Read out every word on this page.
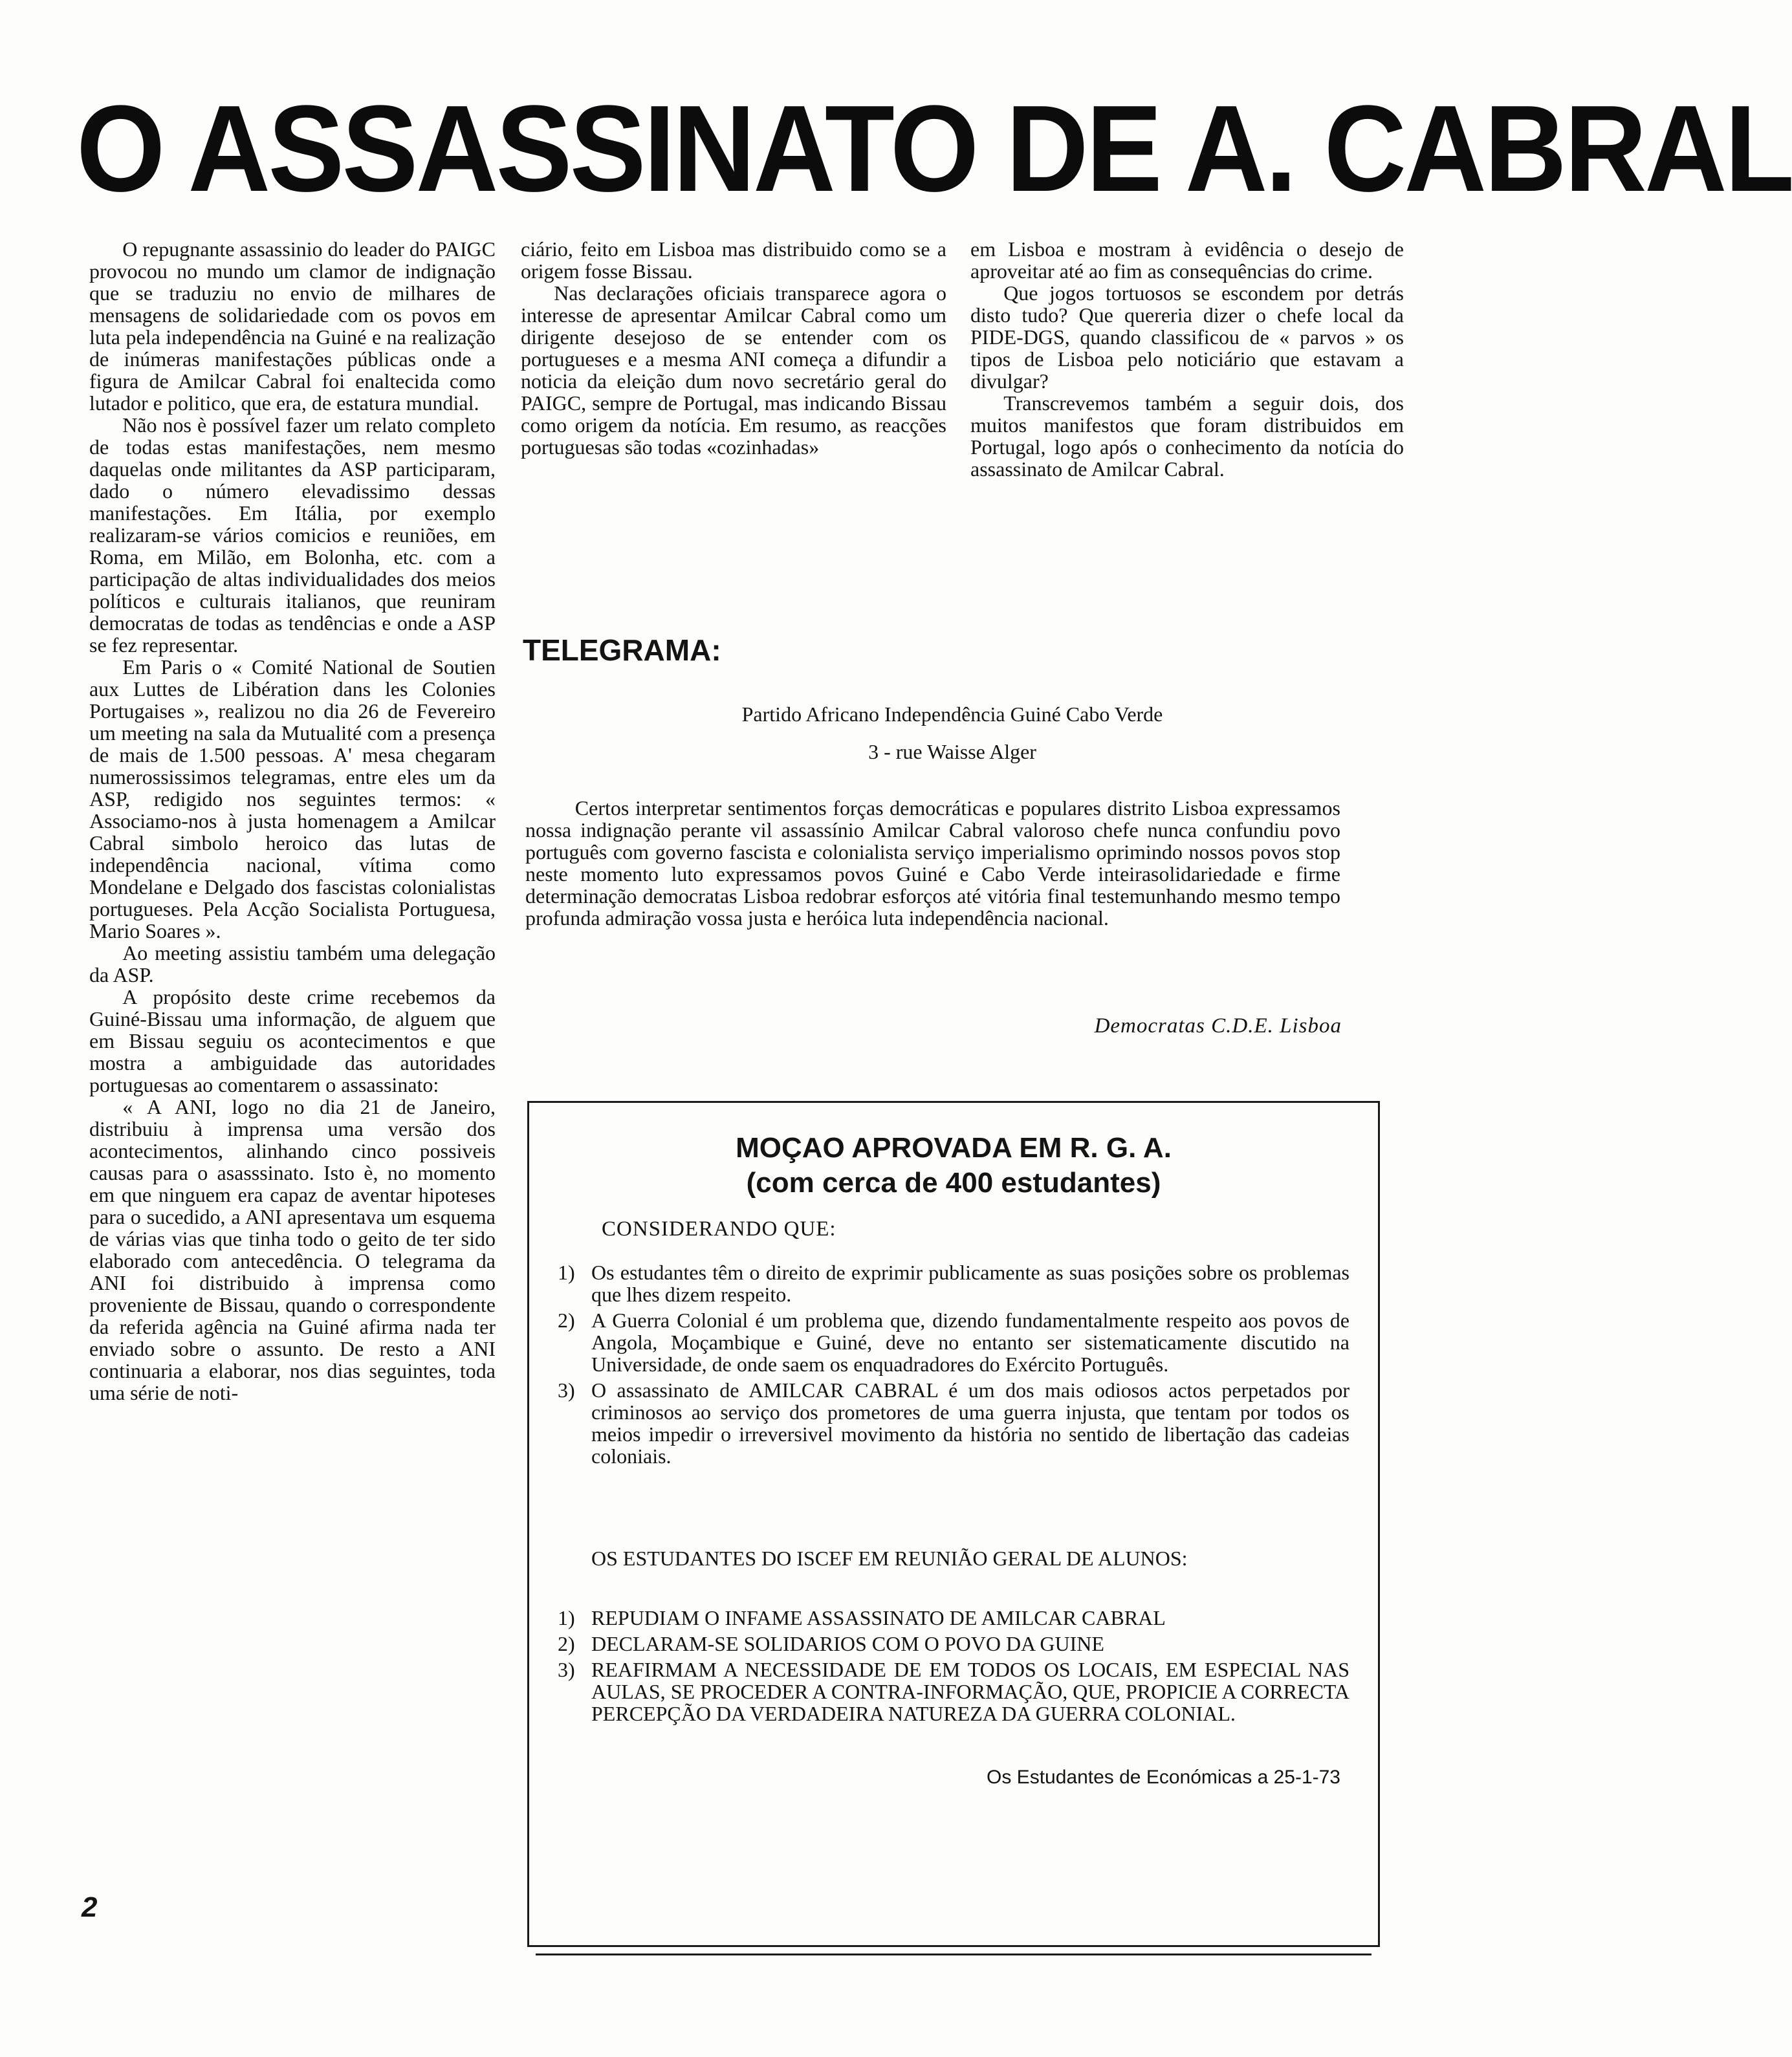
O ASSASSINATO DE A. CABRAL

O repugnante assassinio do leader do PAIGC provocou no mundo um clamor de indignação que se traduziu no envio de milhares de mensagens de solidariedade com os povos em luta pela independência na Guiné e na realização de inúmeras manifestações públicas onde a figura de Amilcar Cabral foi enaltecida como lutador e politico, que era, de estatura mundial.

Não nos è possível fazer um relato completo de todas estas manifestações, nem mesmo daquelas onde militantes da ASP participaram, dado o número elevadissimo dessas manifestações. Em Itália, por exemplo realizaram-se vários comicios e reuniões, em Roma, em Milão, em Bolonha, etc. com a participação de altas individualidades dos meios políticos e culturais italianos, que reuniram democratas de todas as tendências e onde a ASP se fez representar.

Em Paris o « Comité National de Soutien aux Luttes de Libération dans les Colonies Portugaises », realizou no dia 26 de Fevereiro um meeting na sala da Mutualité com a presença de mais de 1.500 pessoas. A' mesa chegaram numerossissimos telegramas, entre eles um da ASP, redigido nos seguintes termos: « Associamo-nos à justa homenagem a Amilcar Cabral simbolo heroico das lutas de independência nacional, vítima como Mondelane e Delgado dos fascistas colonialistas portugueses. Pela Acção Socialista Portuguesa, Mario Soares ».

Ao meeting assistiu também uma delegação da ASP.

A propósito deste crime recebemos da Guiné-Bissau uma informação, de alguem que em Bissau seguiu os acontecimentos e que mostra a ambiguidade das autoridades portuguesas ao comentarem o assassinato:

« A ANI, logo no dia 21 de Janeiro, distribuiu à imprensa uma versão dos acontecimentos, alinhando cinco possiveis causas para o asasssinato. Isto è, no momento em que ninguem era capaz de aventar hipoteses para o sucedido, a ANI apresentava um esquema de várias vias que tinha todo o geito de ter sido elaborado com antecedência. O telegrama da ANI foi distribuido à imprensa como proveniente de Bissau, quando o correspondente da referida agência na Guiné afirma nada ter enviado sobre o assunto. De resto a ANI continuaria a elaborar, nos dias seguintes, toda uma série de noti-

ciário, feito em Lisboa mas distribuido como se a origem fosse Bissau.

Nas declarações oficiais transparece agora o interesse de apresentar Amilcar Cabral como um dirigente desejoso de se entender com os portugueses e a mesma ANI começa a difundir a noticia da eleição dum novo secretário geral do PAIGC, sempre de Portugal, mas indicando Bissau como origem da notícia. Em resumo, as reacções portuguesas são todas «cozinhadas»

em Lisboa e mostram à evidência o desejo de aproveitar até ao fim as consequências do crime.

Que jogos tortuosos se escondem por detrás disto tudo? Que quereria dizer o chefe local da PIDE-DGS, quando classificou de « parvos » os tipos de Lisboa pelo noticiário que estavam a divulgar?

Transcrevemos também a seguir dois, dos muitos manifestos que foram distribuidos em Portugal, logo após o conhecimento da notícia do assassinato de Amilcar Cabral.

TELEGRAMA:
Partido Africano Independência Guiné Cabo Verde
3 - rue Waisse Alger

Certos interpretar sentimentos forças democráticas e populares distrito Lisboa expressamos nossa indignação perante vil assassínio Amilcar Cabral valoroso chefe nunca confundiu povo português com governo fascista e colonialista serviço imperialismo oprimindo nossos povos stop neste momento luto expressamos povos Guiné e Cabo Verde inteirasolidariedade e firme determinação democratas Lisboa redobrar esforços até vitória final testemunhando mesmo tempo profunda admiração vossa justa e heróica luta independência nacional.

Democratas C.D.E. Lisboa
MOÇAO APROVADA EM R. G. A.
(com cerca de 400 estudantes)
CONSIDERANDO QUE:
1) Os estudantes têm o direito de exprimir publicamente as suas posições sobre os problemas que lhes dizem respeito.
2) A Guerra Colonial é um problema que, dizendo fundamentalmente respeito aos povos de Angola, Moçambique e Guiné, deve no entanto ser sistematicamente discutido na Universidade, de onde saem os enquadradores do Exército Português.
3) O assassinato de AMILCAR CABRAL é um dos mais odiosos actos perpetados por criminosos ao serviço dos prometores de uma guerra injusta, que tentam por todos os meios impedir o irreversivel movimento da história no sentido de libertação das cadeias coloniais.
OS ESTUDANTES DO ISCEF EM REUNIÃO GERAL DE ALUNOS:
1) REPUDIAM O INFAME ASSASSINATO DE AMILCAR CABRAL
2) DECLARAM-SE SOLIDARIOS COM O POVO DA GUINE
3) REAFIRMAM A NECESSIDADE DE EM TODOS OS LOCAIS, EM ESPECIAL NAS AULAS, SE PROCEDER A CONTRA-INFORMAÇÃO, QUE, PROPICIE A CORRECTA PERCEPÇÃO DA VERDADEIRA NATUREZA DA GUERRA COLONIAL.
Os Estudantes de Económicas a 25-1-73
2
